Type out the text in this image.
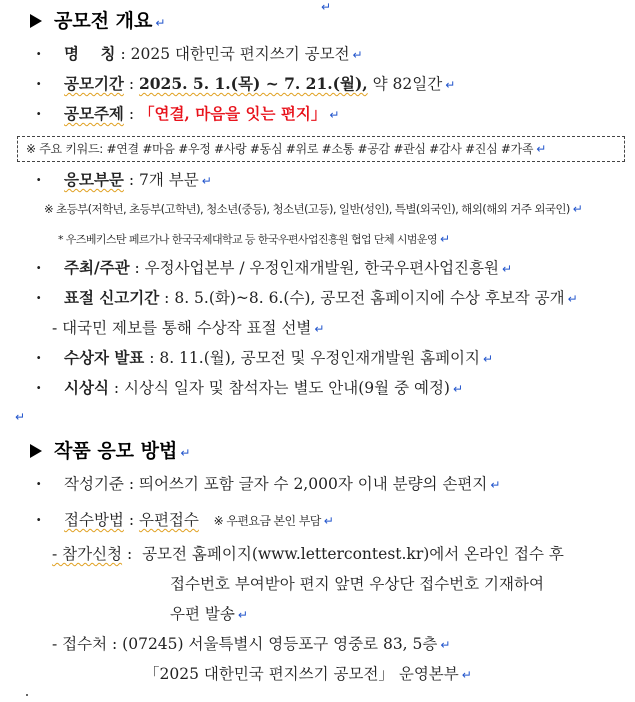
↵
공모전 개요 ↵
· 명    칭 : 2025 대한민국 편지쓰기 공모전 ↵
· 공모기간 : 2025. 5. 1.(목) ~ 7. 21.(월), 약 82일간 ↵
· 공모주제 : 「연결, 마음을 잇는 편지」 ↵
※ 주요 키워드: #연결 #마음 #우정 #사랑 #동심 #위로 #소통 #공감 #관심 #감사 #진심 #가족 ↵
· 응모부문 : 7개 부문 ↵
※ 초등부(저학년, 초등부(고학년), 청소년(중등), 청소년(고등), 일반(성인), 특별(외국인), 해외(해외 거주 외국인) ↵
* 우즈베키스탄 페르가나 한국국제대학교 등 한국우편사업진흥원 협업 단체 시범운영 ↵
· 주최/주관 : 우정사업본부 / 우정인재개발원, 한국우편사업진흥원 ↵
· 표절 신고기간 : 8. 5.(화)~8. 6.(수), 공모전 홈페이지에 수상 후보작 공개 ↵
- 대국민 제보를 통해 수상작 표절 선별 ↵
· 수상자 발표 : 8. 11.(월), 공모전 및 우정인재개발원 홈페이지 ↵
· 시상식 : 시상식 일자 및 참석자는 별도 안내(9월 중 예정) ↵
↵
작품 응모 방법 ↵
· 작성기준 : 띄어쓰기 포함 글자 수 2,000자 이내 분량의 손편지 ↵
· 접수방법 : 우편접수 ※ 우편요금 본인 부담 ↵
- 참가신청 :  공모전 홈페이지(www.lettercontest.kr)에서 온라인 접수 후
접수번호 부여받아 편지 앞면 우상단 접수번호 기재하여
우편 발송 ↵
- 접수처 : (07245) 서울특별시 영등포구 영중로 83, 5층 ↵
「2025 대한민국 편지쓰기 공모전」 운영본부 ↵
